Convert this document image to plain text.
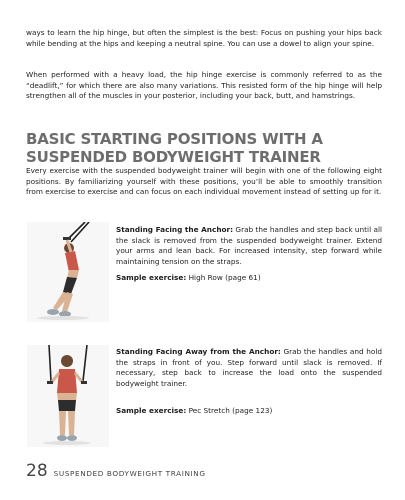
ways to learn the hip hinge, but often the simplest is the best: Focus on pushing your hips back while bending at the hips and keeping a neutral spine. You can use a dowel to align your spine.

When performed with a heavy load, the hip hinge exercise is commonly referred to as the “deadlift,” for which there are also many variations. This resisted form of the hip hinge will help strengthen all of the muscles in your posterior, including your back, butt, and hamstrings.

BASIC STARTING POSITIONS WITH A SUSPENDED BODYWEIGHT TRAINER

Every exercise with the suspended bodyweight trainer will begin with one of the following eight positions. By familiarizing yourself with these positions, you’ll be able to smoothly transition from exercise to exercise and can focus on each individual movement instead of setting up for it.

Standing Facing the Anchor: Grab the handles and step back until all the slack is removed from the suspended bodyweight trainer. Extend your arms and lean back. For increased intensity, step forward while maintaining tension on the straps.

Sample exercise: High Row (page 61)

Standing Facing Away from the Anchor: Grab the handles and hold the straps in front of you. Step forward until slack is removed. If necessary, step back to increase the load onto the suspended bodyweight trainer.

Sample exercise: Pec Stretch (page 123)

28 SUSPENDED BODYWEIGHT TRAINING
